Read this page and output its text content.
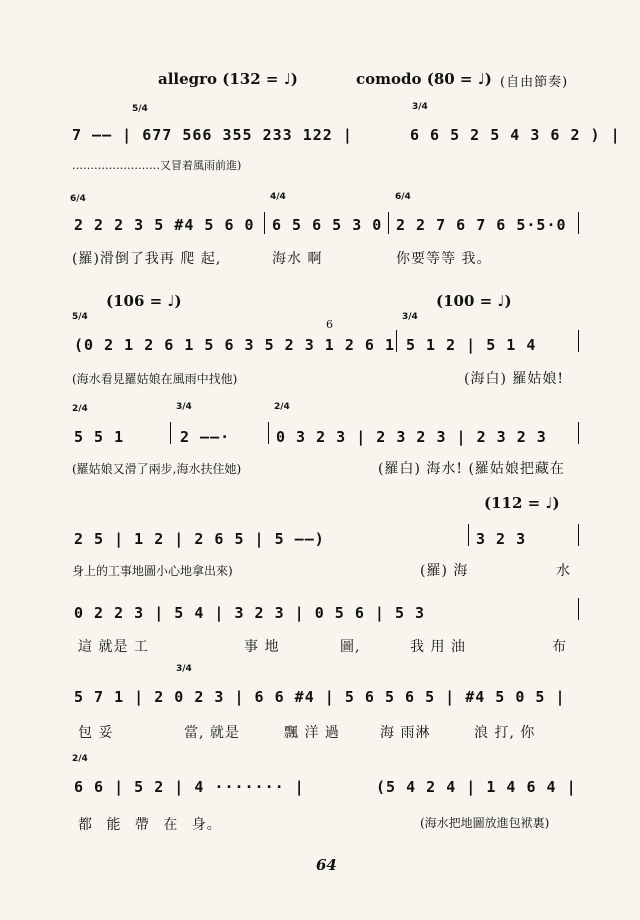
allegro (132 = ♩)	comodo (80 = ♩) (自由節奏)
5/4	3/4
7 —— | 677 566 355 233 122 |	6 6 5 2 5 4 3 6 2 ) |
……………………又冒着風雨前進)
6/4	4/4	6/4
2 2 2 3 5 #4 5 6 0 6 5 6 5 3 0 2 2 7 6 7 6 5·5·0
(羅)滑倒了我再 爬 起,	海水 啊	你要等等 我。
(106 = ♩)	(100 = ♩)
5/4	3/4
6
(0 2 1 2 6 1 5 6 3 5 2 3 1 2 6 1 5 1 2 | 5 1 4
(海水看見羅姑娘在風雨中找他)	(海白) 羅姑娘!
2/4	3/4	2/4
5 5 1	2 ——·	0 3 2 3 | 2 3 2 3 | 2 3 2 3
(羅姑娘又滑了兩步,海水扶住她)	(羅白) 海水! (羅姑娘把藏在
(112 = ♩)
2 5 | 1 2 | 2 6 5 | 5 ——)	3 2 3
身上的工事地圖小心地拿出來)	(羅) 海	水
0 2 2 3 | 5 4 | 3 2 3 | 0 5 6 | 5 3
這 就是 工	事 地	圖,	我 用 油	布
3/4
5 7 1 | 2 0 2 3 | 6 6 #4 | 5 6 5 6 5 | #4 5 0 5 |
包 妥	當, 就是	飄 洋 過	海 雨淋	浪 打, 你
2/4
6 6 | 5 2 | 4 ······· |	(5 4 2 4 | 1 4 6 4 |
都 能 帶 在 身。	(海水把地圖放進包袱裏)
64
